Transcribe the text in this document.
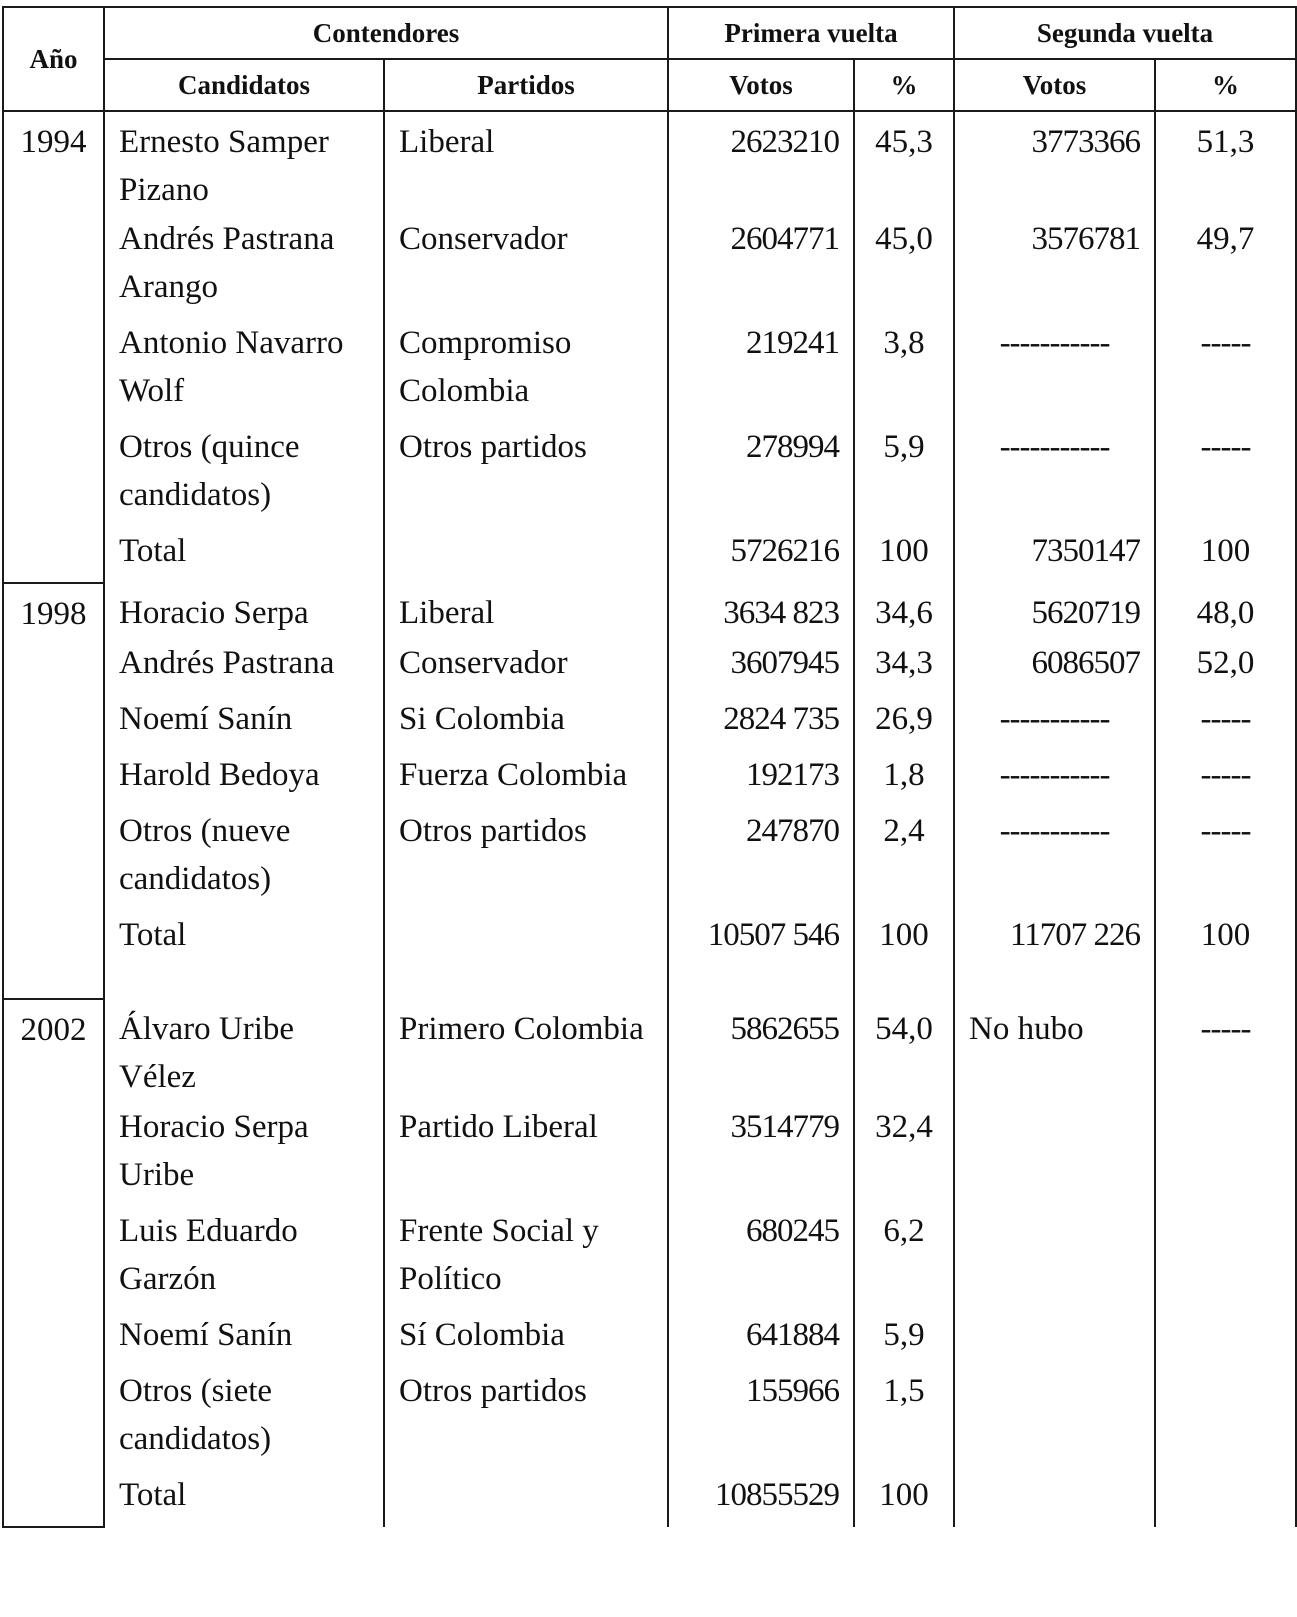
Año	Contendores		Primera vuelta		Segunda vuelta	
	Candidatos	Partidos	Votos	%	Votos	%
1994	Ernesto Samper Pizano	Liberal	2623210	45,3	3773366	51,3
	Andrés Pastrana Arango	Conservador	2604771	45,0	3576781	49,7
	Antonio Navarro Wolf	Compromiso Colombia	219241	3,8	-----------	-----
	Otros (quince candidatos)	Otros partidos	278994	5,9	-----------	-----
	Total		5726216	100	7350147	100
1998	Horacio Serpa	Liberal	3634 823	34,6	5620719	48,0
	Andrés Pastrana	Conservador	3607945	34,3	6086507	52,0
	Noemí Sanín	Si Colombia	2824 735	26,9	-----------	-----
	Harold Bedoya	Fuerza Colombia	192173	1,8	-----------	-----
	Otros (nueve candidatos)	Otros partidos	247870	2,4	-----------	-----
	Total		10507 546	100	11707 226	100
2002	Álvaro Uribe Vélez	Primero Colombia	5862655	54,0	No hubo	-----
	Horacio Serpa Uribe	Partido Liberal	3514779	32,4		
	Luis Eduardo Garzón	Frente Social y Político	680245	6,2		
	Noemí Sanín	Sí Colombia	641884	5,9		
	Otros (siete candidatos)	Otros partidos	155966	1,5		
	Total		10855529	100		
